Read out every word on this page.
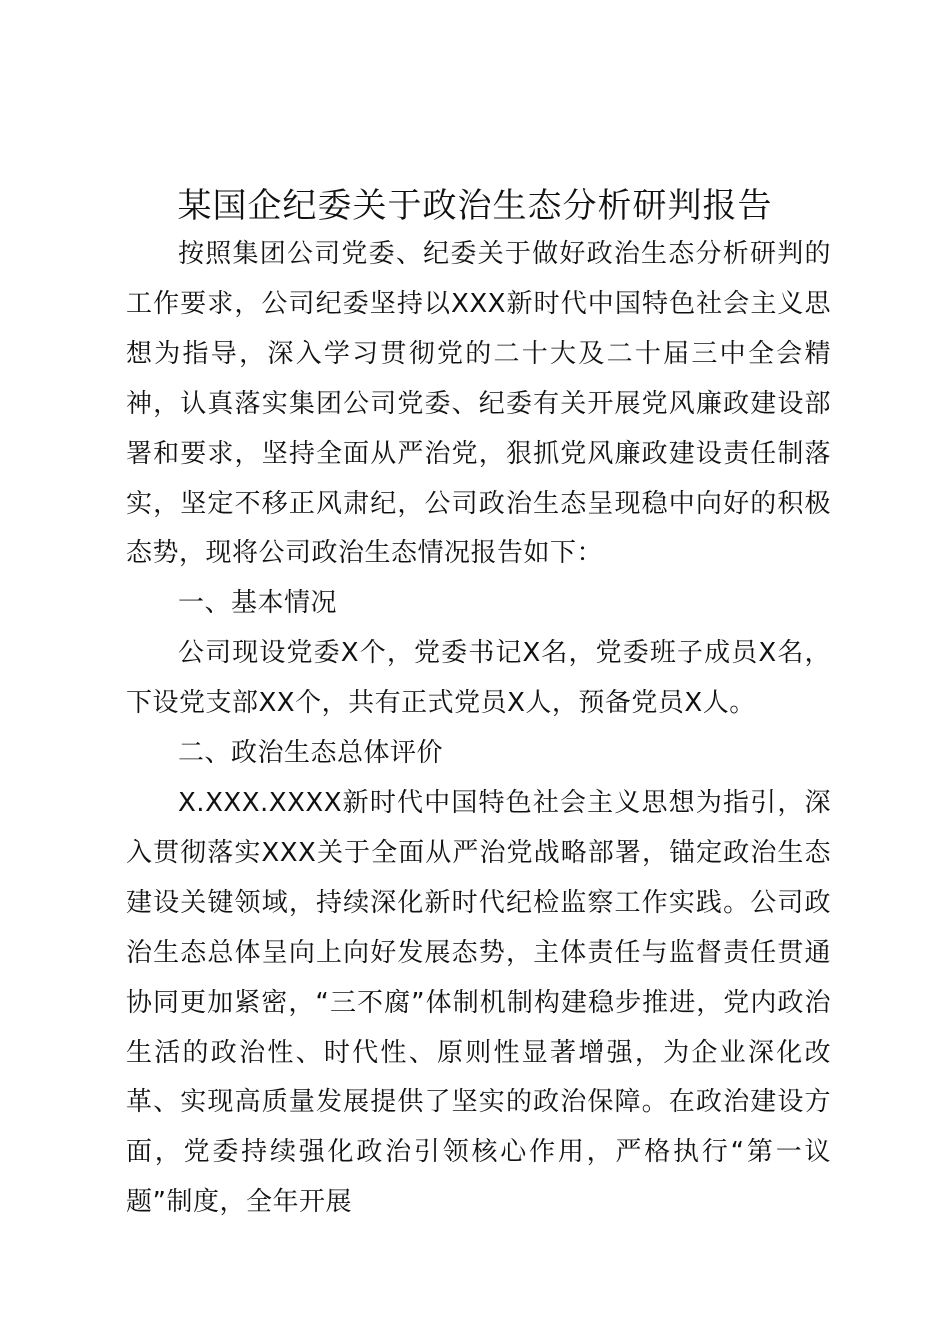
某国企纪委关于政治生态分析研判报告

按照集团公司党委、纪委关于做好政治生态分析研判的工作要求，公司纪委坚持以XXX新时代中国特色社会主义思想为指导，深入学习贯彻党的二十大及二十届三中全会精神，认真落实集团公司党委、纪委有关开展党风廉政建设部署和要求，坚持全面从严治党，狠抓党风廉政建设责任制落实，坚定不移正风肃纪，公司政治生态呈现稳中向好的积极态势，现将公司政治生态情况报告如下：

一、基本情况

公司现设党委X个，党委书记X名，党委班子成员X名，下设党支部XX个，共有正式党员X人，预备党员X人。

二、政治生态总体评价

X.XXX.XXXX新时代中国特色社会主义思想为指引，深入贯彻落实XXX关于全面从严治党战略部署，锚定政治生态建设关键领域，持续深化新时代纪检监察工作实践。公司政治生态总体呈向上向好发展态势，主体责任与监督责任贯通协同更加紧密，“三不腐”体制机制构建稳步推进，党内政治生活的政治性、时代性、原则性显著增强，为企业深化改革、实现高质量发展提供了坚实的政治保障。在政治建设方面，党委持续强化政治引领核心作用，严格执行“第一议题”制度，全年开展
